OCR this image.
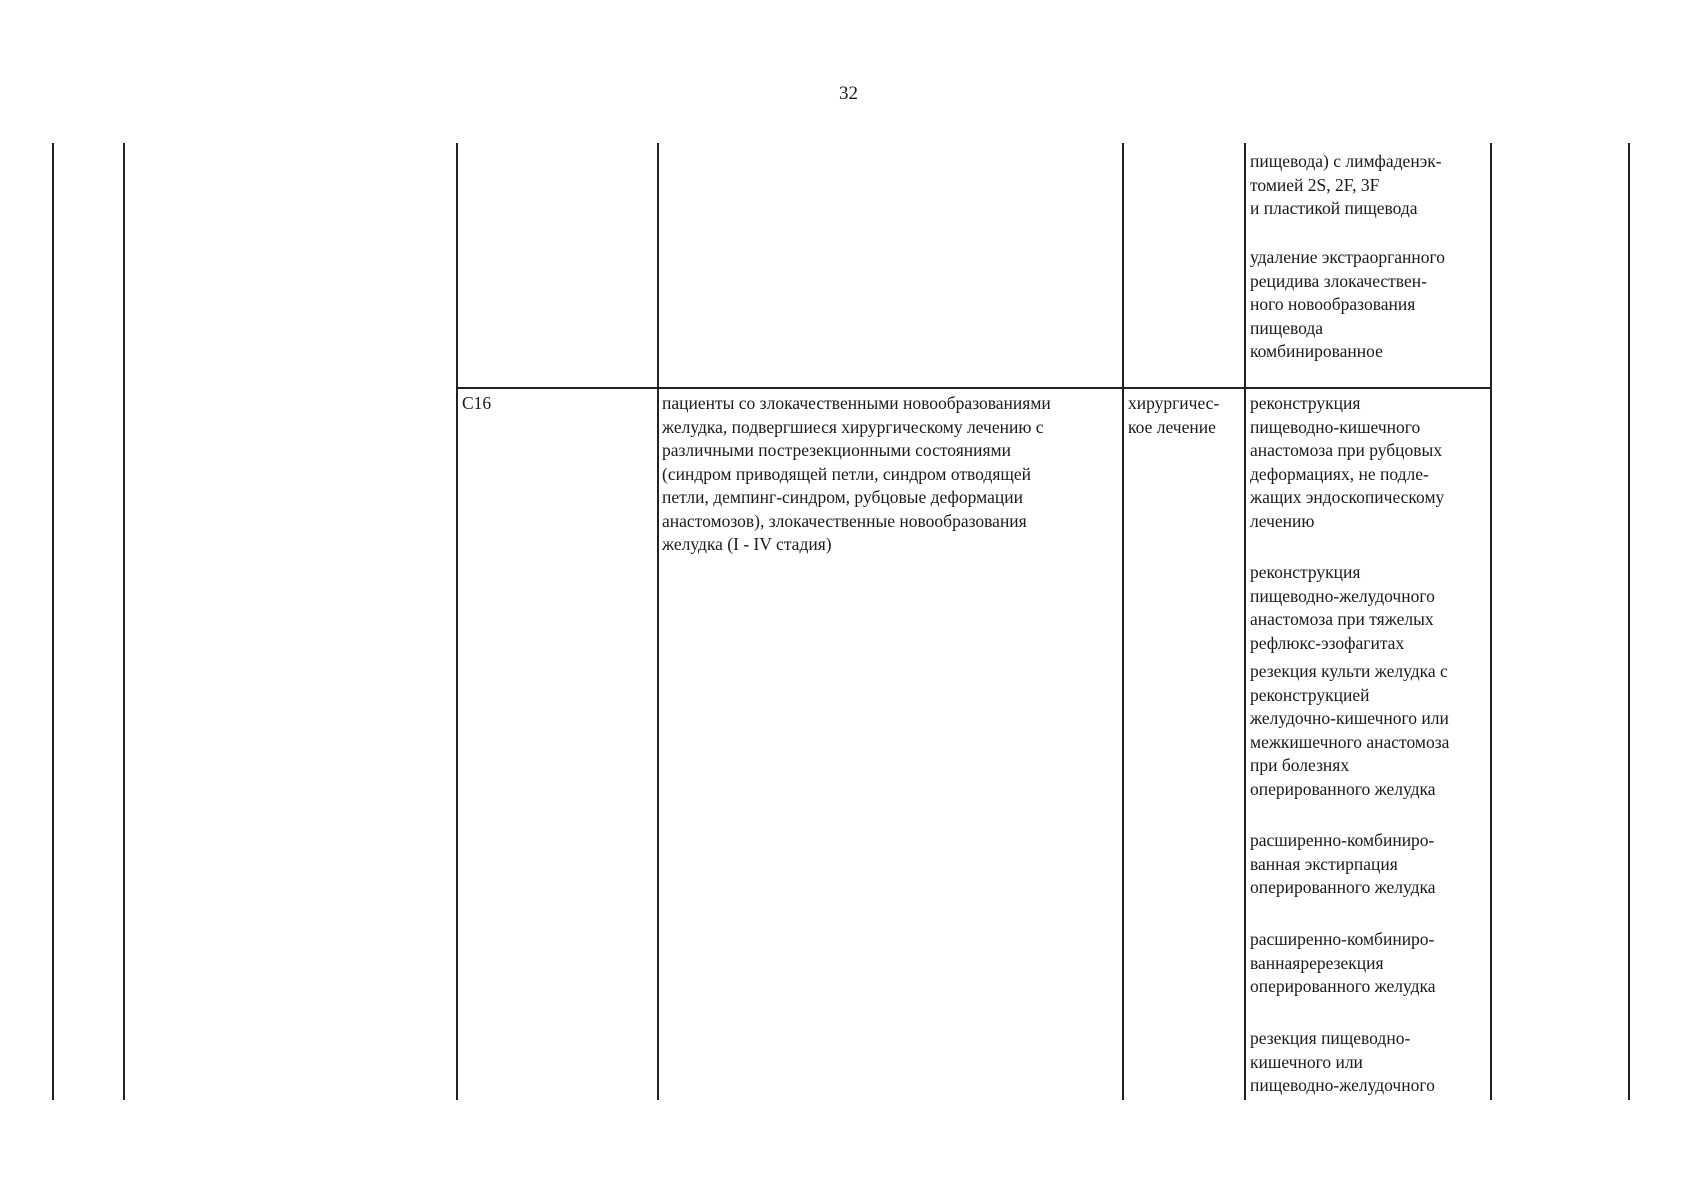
32
пищевода) с лимфаденэк-
томией 2S, 2F, 3F
и пластикой пищевода
удаление экстраорганного
рецидива злокачествен-
ного новообразования
пищевода
комбинированное
C16	пациенты со злокачественными новообразованиями
желудка, подвергшиеся хирургическому лечению с
различными пострезекционными состояниями
(синдром приводящей петли, синдром отводящей
петли, демпинг-синдром, рубцовые деформации
анастомозов), злокачественные новообразования
желудка (I - IV стадия)
хирургичес-
кое лечение
реконструкция
пищеводно-кишечного
анастомоза при рубцовых
деформациях, не подле-
жащих эндоскопическому
лечению
реконструкция
пищеводно-желудочного
анастомоза при тяжелых
рефлюкс-эзофагитах
резекция культи желудка с
реконструкцией
желудочно-кишечного или
межкишечного анастомоза
при болезнях
оперированного желудка
расширенно-комбиниро-
ванная экстирпация
оперированного желудка
расширенно-комбиниро-
ваннаяререзекция
оперированного желудка
резекция пищеводно-
кишечного или
пищеводно-желудочного
